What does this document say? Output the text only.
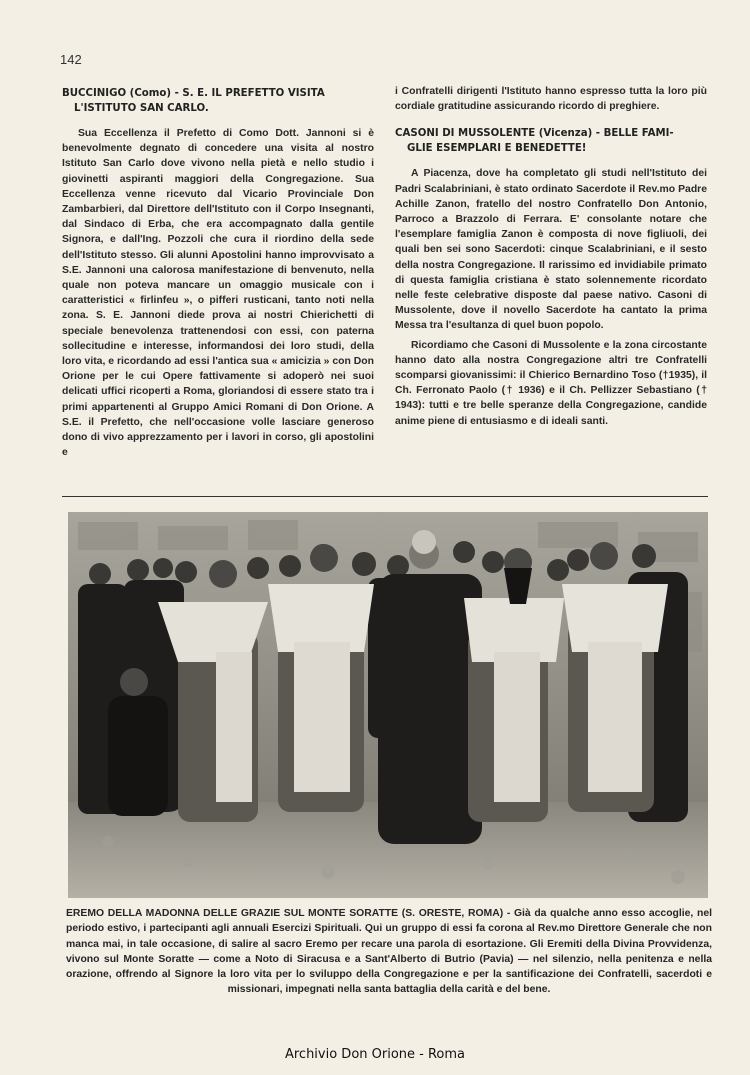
142
BUCCINIGO (Como) - S. E. IL PREFETTO VISITA
L'ISTITUTO SAN CARLO.

Sua Eccellenza il Prefetto di Como Dott. Jannoni si è benevolmente degnato di concedere una visita al nostro Istituto San Carlo dove vivono nella pietà e nello studio i giovinetti aspiranti maggiori della Congregazione. Sua Eccellenza venne ricevuto dal Vicario Provinciale Don Zambarbieri, dal Direttore dell'Istituto con il Corpo Insegnanti, dal Sindaco di Erba, che era accompagnato dalla gentile Signora, e dall'Ing. Pozzoli che cura il riordino della sede dell'Istituto stesso. Gli alunni Apostolini hanno improvvisato a S.E. Jannoni una calorosa manifestazione di benvenuto, nella quale non poteva mancare un omaggio musicale con i caratteristici « firlinfeu », o pifferi rusticani, tanto noti nella zona. S. E. Jannoni diede prova ai nostri Chierichetti di speciale benevolenza trattenendosi con essi, con paterna sollecitudine e interesse, informandosi dei loro studi, della loro vita, e ricordando ad essi l'antica sua « amicizia » con Don Orione per le cui Opere fattivamente si adoperò nei suoi delicati uffici ricoperti a Roma, gloriandosi di essere stato tra i primi appartenenti al Gruppo Amici Romani di Don Orione. A S.E. il Prefetto, che nell'occasione volle lasciare generoso dono di vivo apprezzamento per i lavori in corso, gli apostolini e

i Confratelli dirigenti l'Istituto hanno espresso tutta la loro più cordiale gratitudine assicurando ricordo di preghiere.

CASONI DI MUSSOLENTE (Vicenza) - BELLE FAMI-
GLIE ESEMPLARI E BENEDETTE!

A Piacenza, dove ha completato gli studi nell'Istituto dei Padri Scalabriniani, è stato ordinato Sacerdote il Rev.mo Padre Achille Zanon, fratello del nostro Confratello Don Antonio, Parroco a Brazzolo di Ferrara. E' consolante notare che l'esemplare famiglia Zanon è composta di nove figliuoli, dei quali ben sei sono Sacerdoti: cinque Scalabriniani, e il sesto della nostra Congregazione. Il rarissimo ed invidiabile primato di questa famiglia cristiana è stato solennemente ricordato nelle feste celebrative disposte dal paese nativo. Casoni di Mussolente, dove il novello Sacerdote ha cantato la prima Messa tra l'esultanza di quel buon popolo.

Ricordiamo che Casoni di Mussolente e la zona circostante hanno dato alla nostra Congregazione altri tre Confratelli scomparsi giovanissimi: il Chierico Bernardino Toso (†1935), il Ch. Ferronato Paolo († 1936) e il Ch. Pellizzer Sebastiano († 1943): tutti e tre belle speranze della Congregazione, candide anime piene di entusiasmo e di ideali santi.

EREMO DELLA MADONNA DELLE GRAZIE SUL MONTE SORATTE (S. ORESTE, ROMA) - Già da qualche anno esso accoglie, nel periodo estivo, i partecipanti agli annuali Esercizi Spirituali. Qui un gruppo di essi fa corona al Rev.mo Direttore Generale che non manca mai, in tale occasione, di salire al sacro Eremo per recare una parola di esortazione. Gli Eremiti della Divina Provvidenza, vivono sul Monte Soratte — come a Noto di Siracusa e a Sant'Alberto di Butrio (Pavia) — nel silenzio, nella penitenza e nella orazione, offrendo al Signore la loro vita per lo sviluppo della Congregazione e per la santificazione dei Confratelli, sacerdoti e missionari, impegnati nella santa battaglia della carità e del bene.
Archivio Don Orione - Roma
